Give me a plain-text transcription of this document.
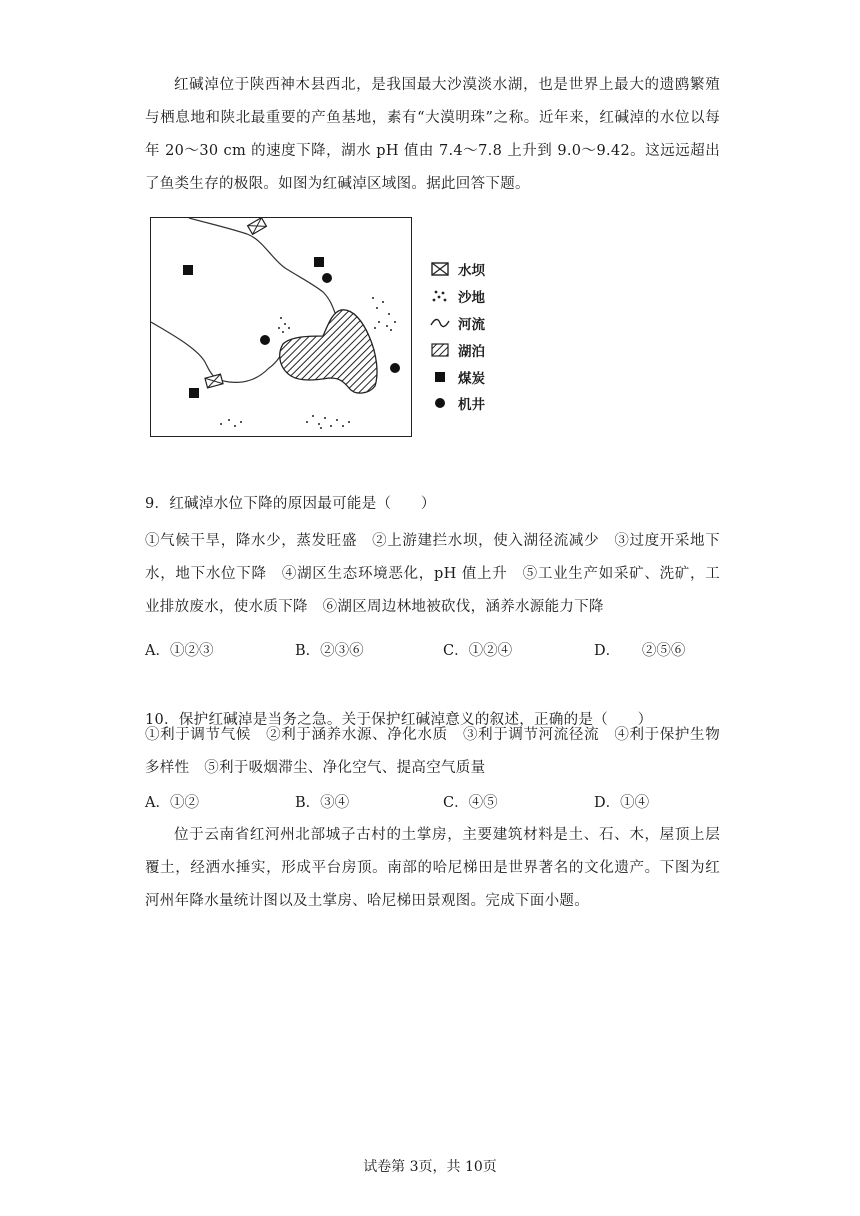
红碱淖位于陕西神木县西北，是我国最大沙漠淡水湖，也是世界上最大的遗鸥繁殖与栖息地和陕北最重要的产鱼基地，素有“大漠明珠”之称。近年来，红碱淖的水位以每年 20～30 cm 的速度下降，湖水 pH 值由 7.4～7.8 上升到 9.0～9.42。这远远超出了鱼类生存的极限。如图为红碱淖区域图。据此回答下题。

水坝
沙地
河流
湖泊
煤炭
机井

9．红碱淖水位下降的原因最可能是（　　）

①气候干旱，降水少，蒸发旺盛　②上游建拦水坝，使入湖径流减少　③过度开采地下水，地下水位下降　④湖区生态环境恶化，pH 值上升　⑤工业生产如采矿、洗矿，工业排放废水，使水质下降　⑥湖区周边林地被砍伐，涵养水源能力下降

A．①②③	B．②③⑥	C．①②④	D．　　②⑤⑥

10．保护红碱淖是当务之急。关于保护红碱淖意义的叙述，正确的是（　　）

①利于调节气候　②利于涵养水源、净化水质　③利于调节河流径流　④利于保护生物多样性　⑤利于吸烟滞尘、净化空气、提高空气质量

A．①②	B．③④	C．④⑤	D．①④

位于云南省红河州北部城子古村的土掌房，主要建筑材料是土、石、木，屋顶上层覆土，经洒水捶实，形成平台房顶。南部的哈尼梯田是世界著名的文化遗产。下图为红河州年降水量统计图以及土掌房、哈尼梯田景观图。完成下面小题。

试卷第 3页，共 10页
